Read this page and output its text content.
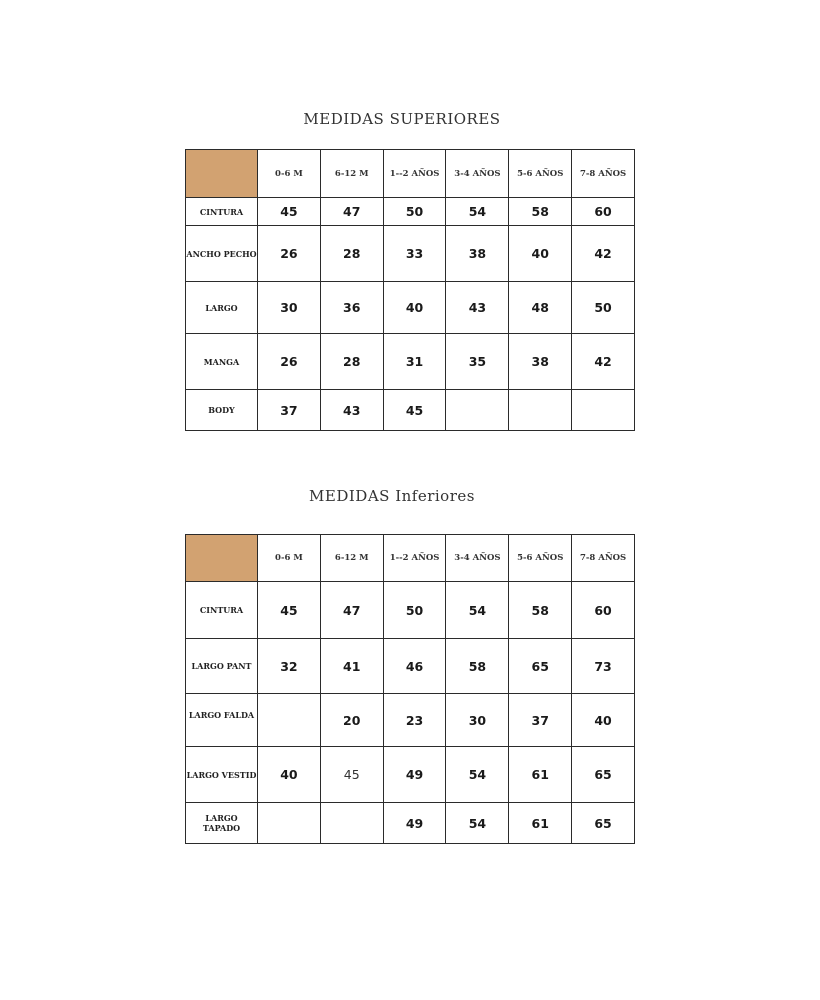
MEDIDAS SUPERIORES
	0-6 M	6-12 M	1--2 AÑOS	3-4 AÑOS	5-6 AÑOS	7-8 AÑOS
CINTURA	45	47	50	54	58	60
ANCHO PECHO	26	28	33	38	40	42
LARGO	30	36	40	43	48	50
MANGA	26	28	31	35	38	42
BODY	37	43	45			
MEDIDAS Inferiores
	0-6 M	6-12 M	1--2 AÑOS	3-4 AÑOS	5-6 AÑOS	7-8 AÑOS
CINTURA	45	47	50	54	58	60
LARGO PANT	32	41	46	58	65	73
LARGO FALDA		20	23	30	37	40
LARGO VESTID	40	45	49	54	61	65
LARGO TAPADO			49	54	61	65
